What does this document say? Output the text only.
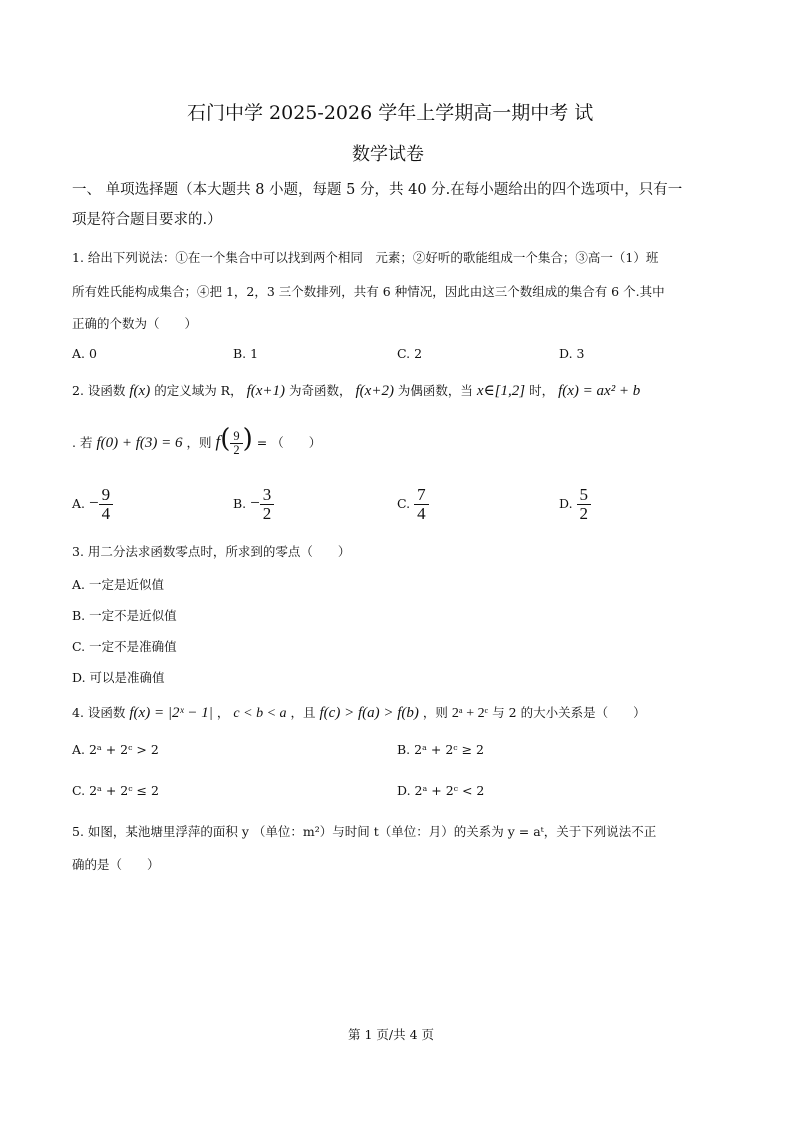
石门中学 2025-2026 学年上学期高一期中考 试
数学试卷
一、 单项选择题（本大题共 8 小题，每题 5 分，共 40 分.在每小题给出的四个选项中，只有一
项是符合题目要求的.）
1. 给出下列说法：①在一个集合中可以找到两个相同　元素；②好听的歌能组成一个集合；③高一（1）班
所有姓氏能构成集合；④把 1，2，3 三个数排列，共有 6 种情况，因此由这三个数组成的集合有 6 个.其中
正确的个数为（　　）
A. 0	B. 1	C. 2	D. 3
2. 设函数 f(x) 的定义域为 R， f(x+1) 为奇函数， f(x+2) 为偶函数，当 x∈[1,2] 时， f(x) = ax² + b
. 若 f(0) + f(3) = 6 ，则 $f( \frac{9}{2}$ ) = （　　）
A. − $\frac{9}{4}$	B. − $\frac{3}{2}$	C. $\frac{7}{4}$	D. $\frac{5}{2}$
3. 用二分法求函数零点时，所求到的零点（　　）
A. 一定是近似值
B. 一定不是近似值
C. 一定不是准确值
D. 可以是准确值
4. 设函数 f(x) = |2ˣ − 1| ， c < b < a ，且 f(c) > f(a) > f(b) ，则 2ᵃ + 2ᶜ 与 2 的大小关系是（　　）
A. 2ᵃ + 2ᶜ > 2	B. 2ᵃ + 2ᶜ ≥ 2
C. 2ᵃ + 2ᶜ ≤ 2	D. 2ᵃ + 2ᶜ < 2
5. 如图，某池塘里浮萍的面积 y （单位：m²）与时间 t（单位：月）的关系为 y = aᵗ，关于下列说法不正
确的是（　　）
第 1 页/共 4 页
